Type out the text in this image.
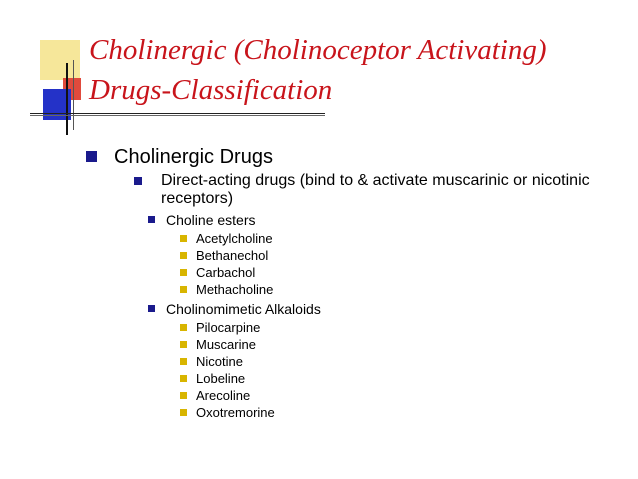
Cholinergic (Cholinoceptor Activating)
Drugs-Classification
Cholinergic Drugs
Direct-acting drugs (bind to & activate muscarinic or nicotinic receptors)
Choline esters
Acetylcholine
Bethanechol
Carbachol
Methacholine
Cholinomimetic Alkaloids
Pilocarpine
Muscarine
Nicotine
Lobeline
Arecoline
Oxotremorine
